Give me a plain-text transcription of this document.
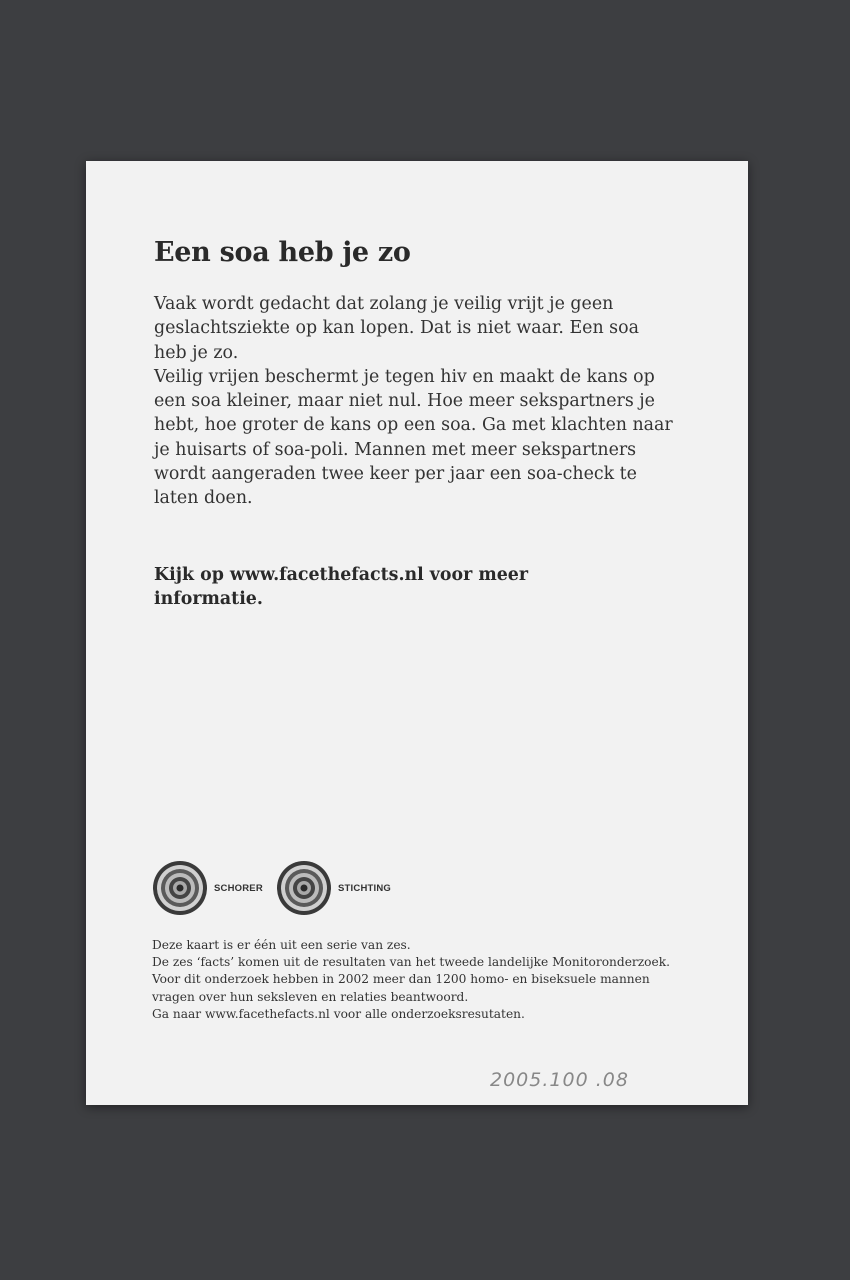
Een soa heb je zo

Vaak wordt gedacht dat zolang je veilig vrijt je geen geslachtsziekte op kan lopen. Dat is niet waar. Een soa heb je zo.

Veilig vrijen beschermt je tegen hiv en maakt de kans op een soa kleiner, maar niet nul. Hoe meer sekspartners je hebt, hoe groter de kans op een soa. Ga met klachten naar je huisarts of soa-poli. Mannen met meer sekspartners wordt aangeraden twee keer per jaar een soa-check te laten doen.

Kijk op www.facethefacts.nl voor meer informatie.

SCHORER	STICHTING

Deze kaart is er één uit een serie van zes.

De zes ‘facts’ komen uit de resultaten van het tweede landelijke Monitoronderzoek. Voor dit onderzoek hebben in 2002 meer dan 1200 homo- en biseksuele mannen vragen over hun seksleven en relaties beantwoord.

Ga naar www.facethefacts.nl voor alle onderzoeksresutaten.

2005.100 .08
